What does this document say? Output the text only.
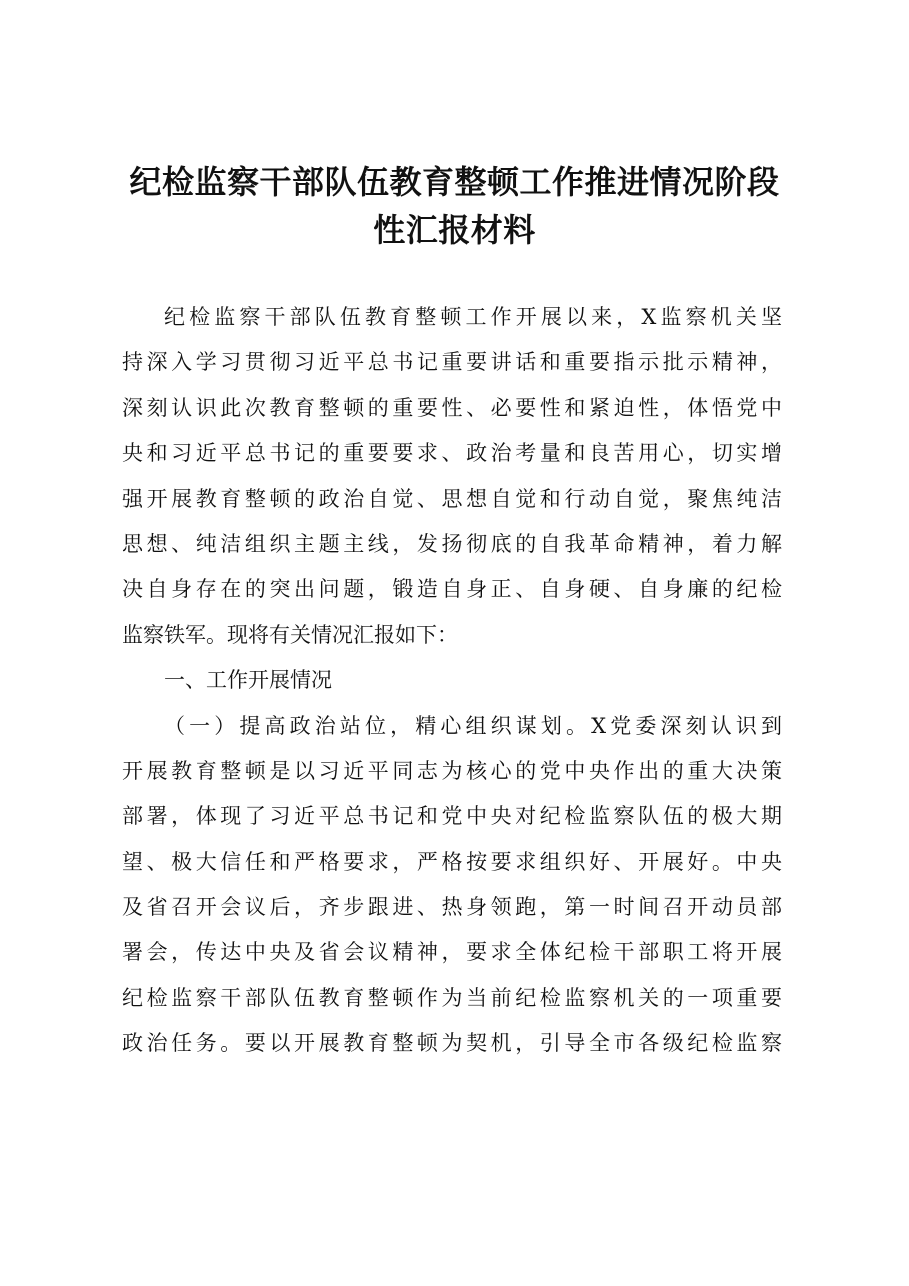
纪检监察干部队伍教育整顿工作推进情况阶段
性汇报材料
纪检监察干部队伍教育整顿工作开展以来，X监察机关坚
持深入学习贯彻习近平总书记重要讲话和重要指示批示精神，
深刻认识此次教育整顿的重要性、必要性和紧迫性，体悟党中
央和习近平总书记的重要要求、政治考量和良苦用心，切实增
强开展教育整顿的政治自觉、思想自觉和行动自觉，聚焦纯洁
思想、纯洁组织主题主线，发扬彻底的自我革命精神，着力解
决自身存在的突出问题，锻造自身正、自身硬、自身廉的纪检
监察铁军。现将有关情况汇报如下：
一、工作开展情况
（一）提高政治站位，精心组织谋划。X党委深刻认识到
开展教育整顿是以习近平同志为核心的党中央作出的重大决策
部署，体现了习近平总书记和党中央对纪检监察队伍的极大期
望、极大信任和严格要求，严格按要求组织好、开展好。中央
及省召开会议后，齐步跟进、热身领跑，第一时间召开动员部
署会，传达中央及省会议精神，要求全体纪检干部职工将开展
纪检监察干部队伍教育整顿作为当前纪检监察机关的一项重要
政治任务。要以开展教育整顿为契机，引导全市各级纪检监察
